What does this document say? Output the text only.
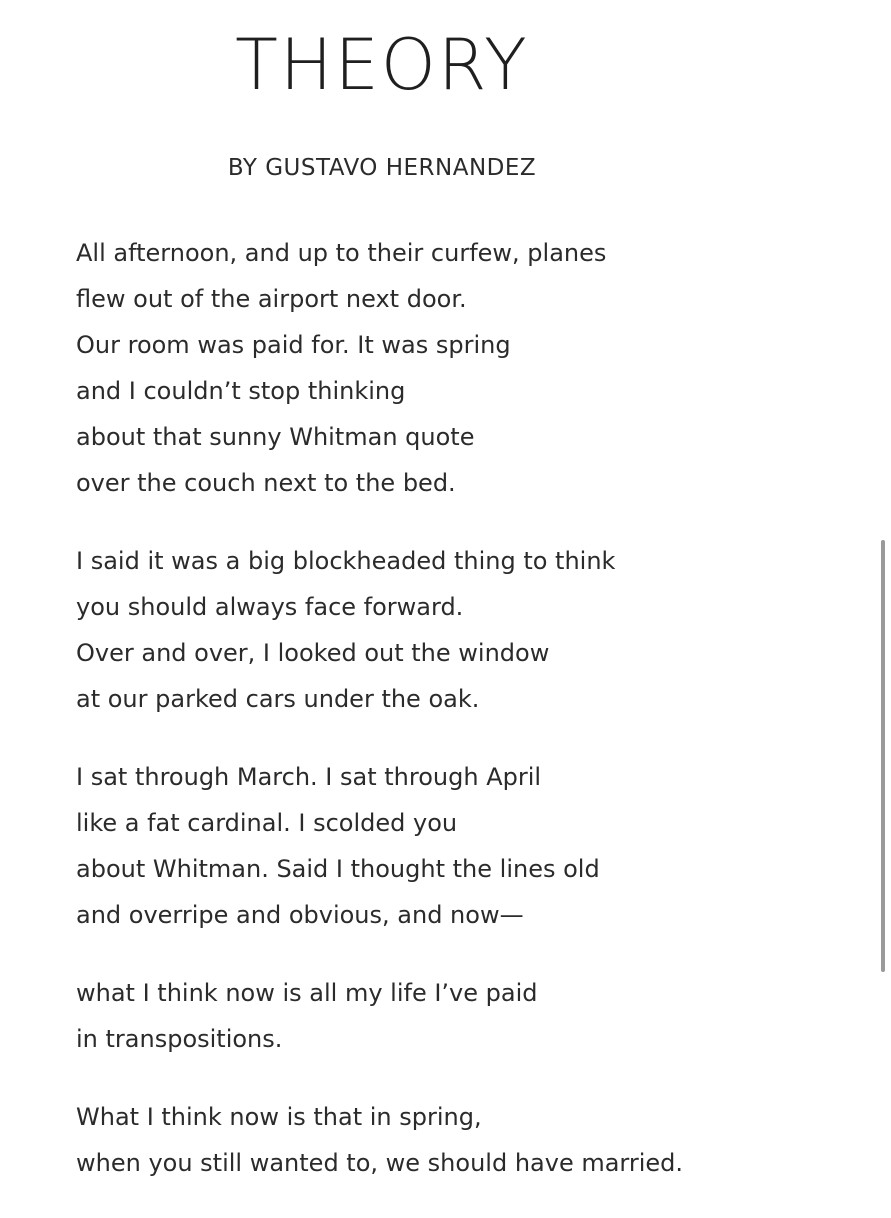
THEORY
BY GUSTAVO HERNANDEZ
All afternoon, and up to their curfew, planes
flew out of the airport next door.
Our room was paid for. It was spring
and I couldn’t stop thinking
about that sunny Whitman quote
over the couch next to the bed.
I said it was a big blockheaded thing to think
you should always face forward.
Over and over, I looked out the window
at our parked cars under the oak.
I sat through March. I sat through April
like a fat cardinal. I scolded you
about Whitman. Said I thought the lines old
and overripe and obvious, and now—
what I think now is all my life I’ve paid
in transpositions.
What I think now is that in spring,
when you still wanted to, we should have married.
